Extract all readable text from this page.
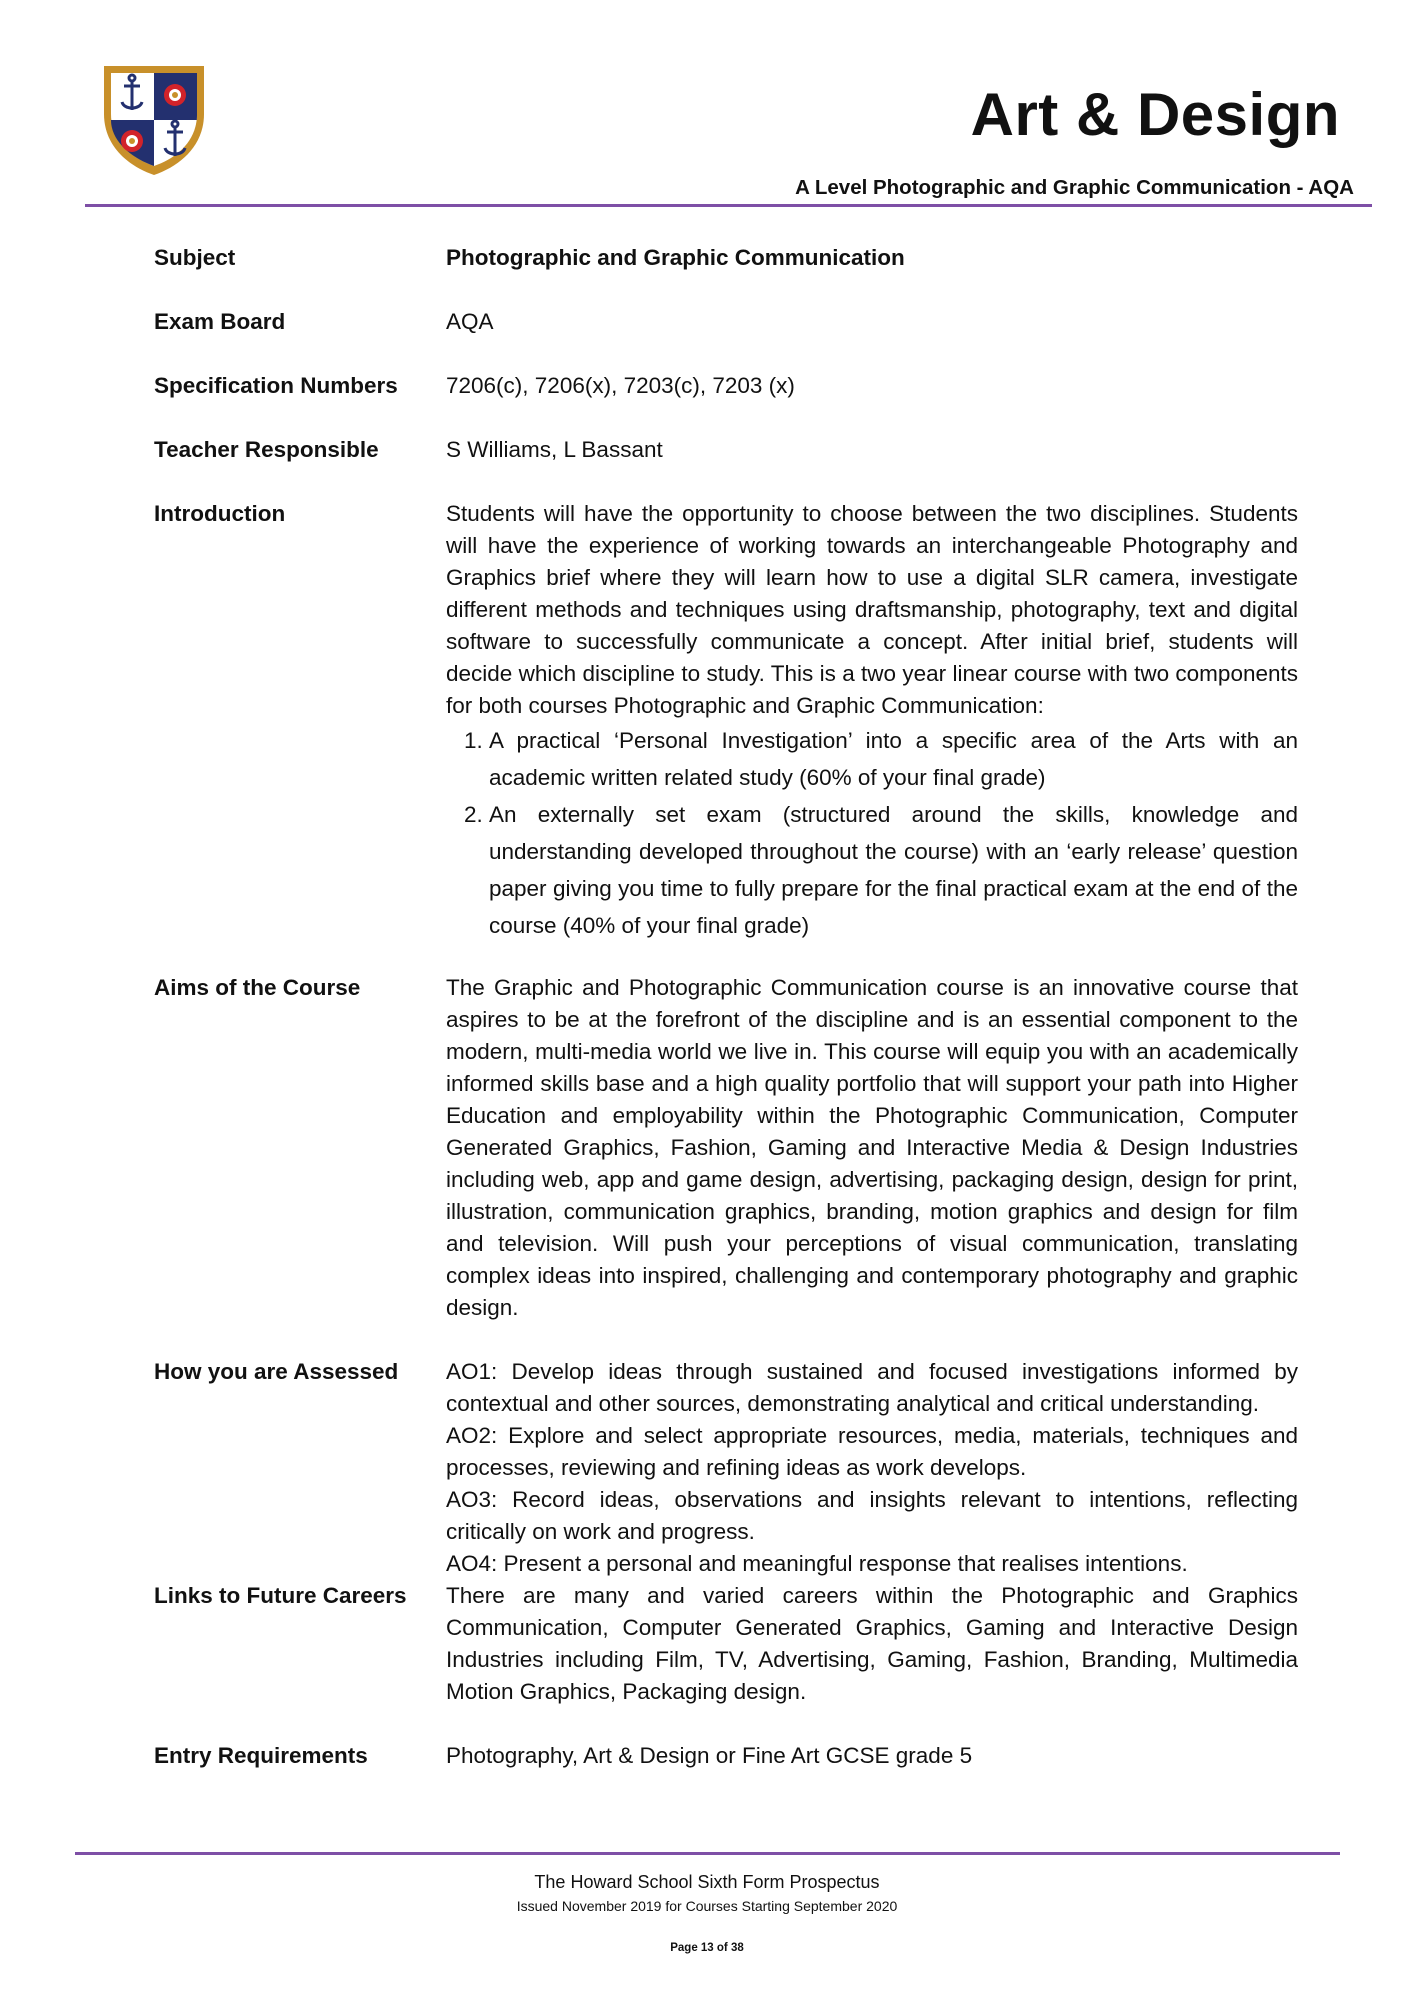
Art & Design
A Level Photographic and Graphic Communication - AQA
Subject	Photographic and Graphic Communication
Exam Board	AQA
Specification Numbers	7206(c), 7206(x), 7203(c), 7203 (x)
Teacher Responsible	S Williams, L Bassant
Introduction	Students will have the opportunity to choose between the two disciplines. Students will have the experience of working towards an interchangeable Photography and Graphics brief where they will learn how to use a digital SLR camera, investigate different methods and techniques using draftsmanship, photography, text and digital software to successfully communicate a concept. After initial brief, students will decide which discipline to study. This is a two year linear course with two components for both courses Photographic and Graphic Communication:

1. A practical ‘Personal Investigation’ into a specific area of the Arts with an academic written related study (60% of your final grade)
2. An externally set exam (structured around the skills, knowledge and understanding developed throughout the course) with an ‘early release’ question paper giving you time to fully prepare for the final practical exam at the end of the course (40% of your final grade)
Aims of the Course	The Graphic and Photographic Communication course is an innovative course that aspires to be at the forefront of the discipline and is an essential component to the modern, multi-media world we live in. This course will equip you with an academically informed skills base and a high quality portfolio that will support your path into Higher Education and employability within the Photographic Communication, Computer Generated Graphics, Fashion, Gaming and Interactive Media & Design Industries including web, app and game design, advertising, packaging design, design for print, illustration, communication graphics, branding, motion graphics and design for film and television. Will push your perceptions of visual communication, translating complex ideas into inspired, challenging and contemporary photography and graphic design.
How you are Assessed	AO1: Develop ideas through sustained and focused investigations informed by contextual and other sources, demonstrating analytical and critical understanding.

AO2: Explore and select appropriate resources, media, materials, techniques and processes, reviewing and refining ideas as work develops.

AO3: Record ideas, observations and insights relevant to intentions, reflecting critically on work and progress.

AO4: Present a personal and meaningful response that realises intentions.

Links to Future Careers	There are many and varied careers within the Photographic and Graphics Communication, Computer Generated Graphics, Gaming and Interactive Design Industries including Film, TV, Advertising, Gaming, Fashion, Branding, Multimedia Motion Graphics, Packaging design.
Entry Requirements	Photography, Art & Design or Fine Art GCSE grade 5
The Howard School Sixth Form Prospectus
Issued November 2019 for Courses Starting September 2020
Page 13 of 38
